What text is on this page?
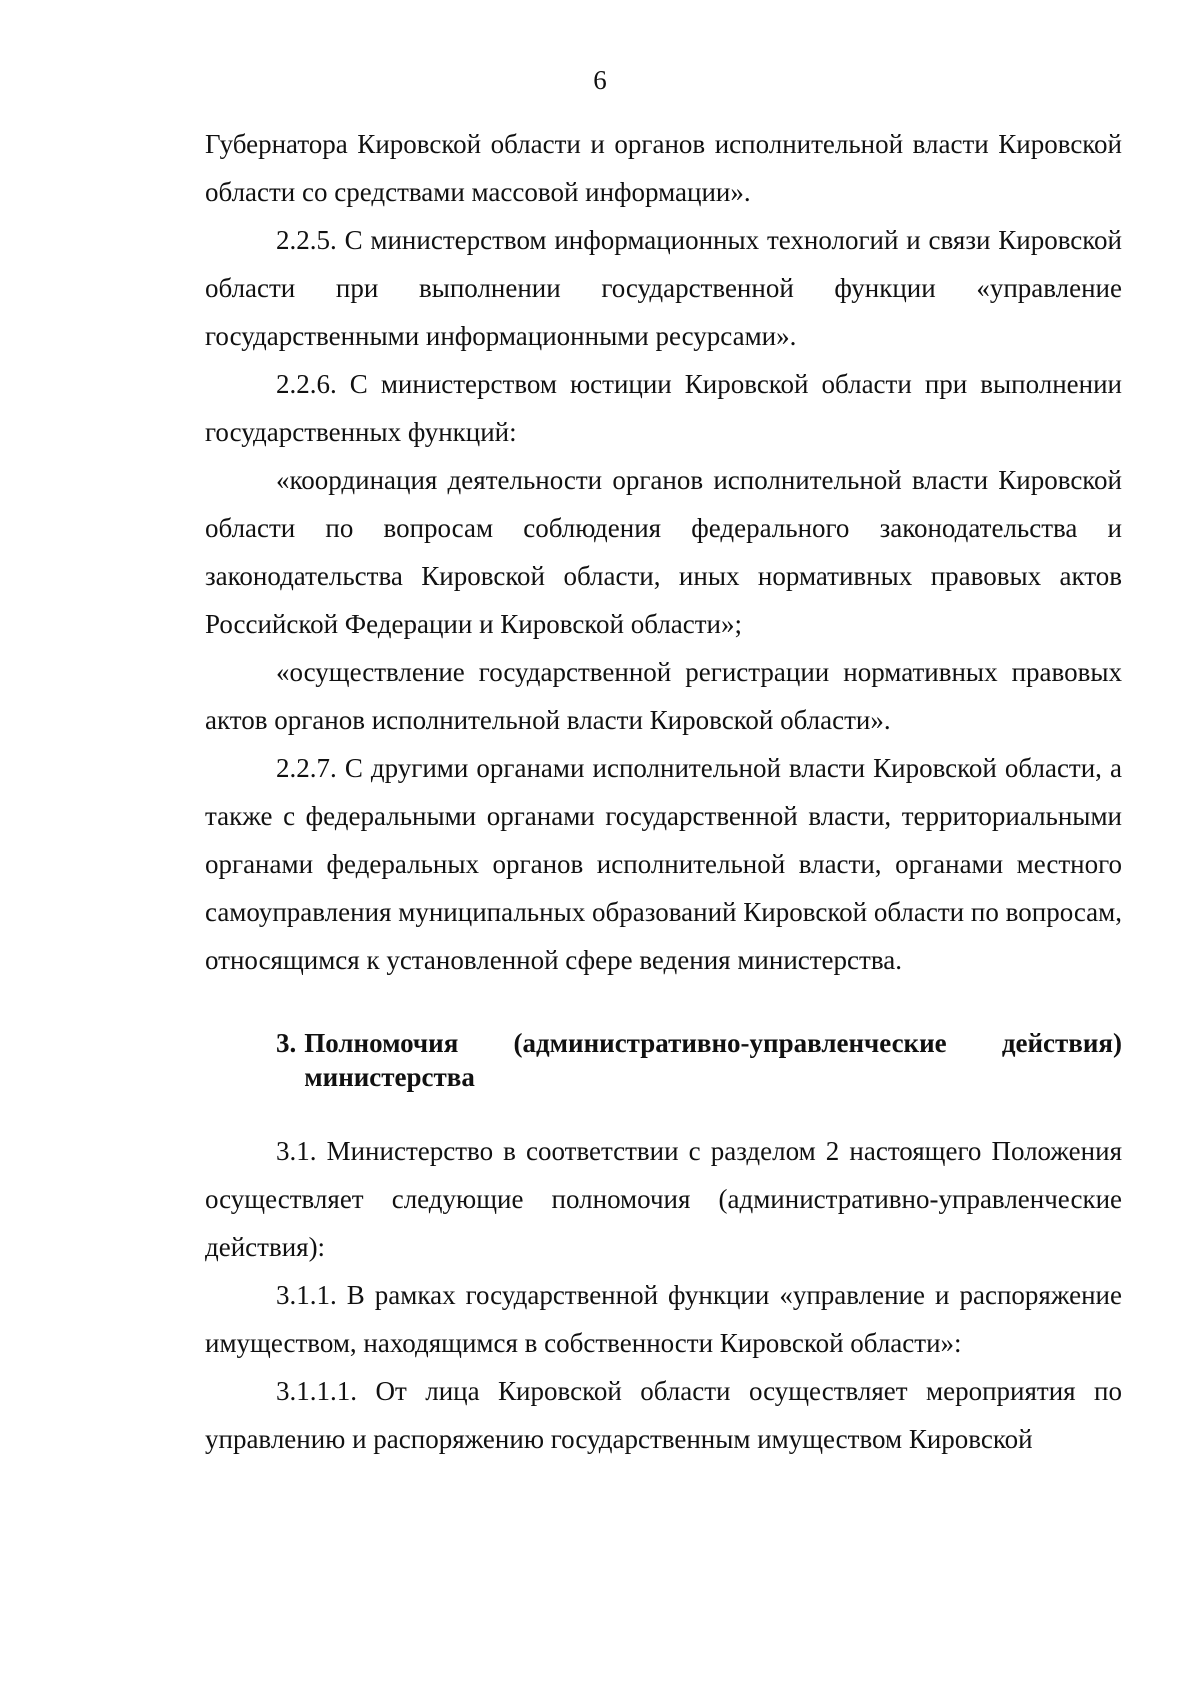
6

Губернатора Кировской области и органов исполнительной власти Кировской области со средствами массовой информации».

2.2.5. С министерством информационных технологий и связи Кировской области при выполнении государственной функции «управление государственными информационными ресурсами».

2.2.6. С министерством юстиции Кировской области при выполнении государственных функций:

«координация деятельности органов исполнительной власти Кировской области по вопросам соблюдения федерального законодательства и законодательства Кировской области, иных нормативных правовых актов Российской Федерации и Кировской области»;

«осуществление государственной регистрации нормативных правовых актов органов исполнительной власти Кировской области».

2.2.7. С другими органами исполнительной власти Кировской области, а также с федеральными органами государственной власти, территориальными органами федеральных органов исполнительной власти, органами местного самоуправления муниципальных образований Кировской области по вопросам, относящимся к установленной сфере ведения министерства.

3. Полномочия (административно-управленческие действия) министерства

3.1. Министерство в соответствии с разделом 2 настоящего Положения осуществляет следующие полномочия (административно-управленческие действия):

3.1.1. В рамках государственной функции «управление и распоряжение имуществом, находящимся в собственности Кировской области»:

3.1.1.1. От лица Кировской области осуществляет мероприятия по управлению и распоряжению государственным имуществом Кировской
